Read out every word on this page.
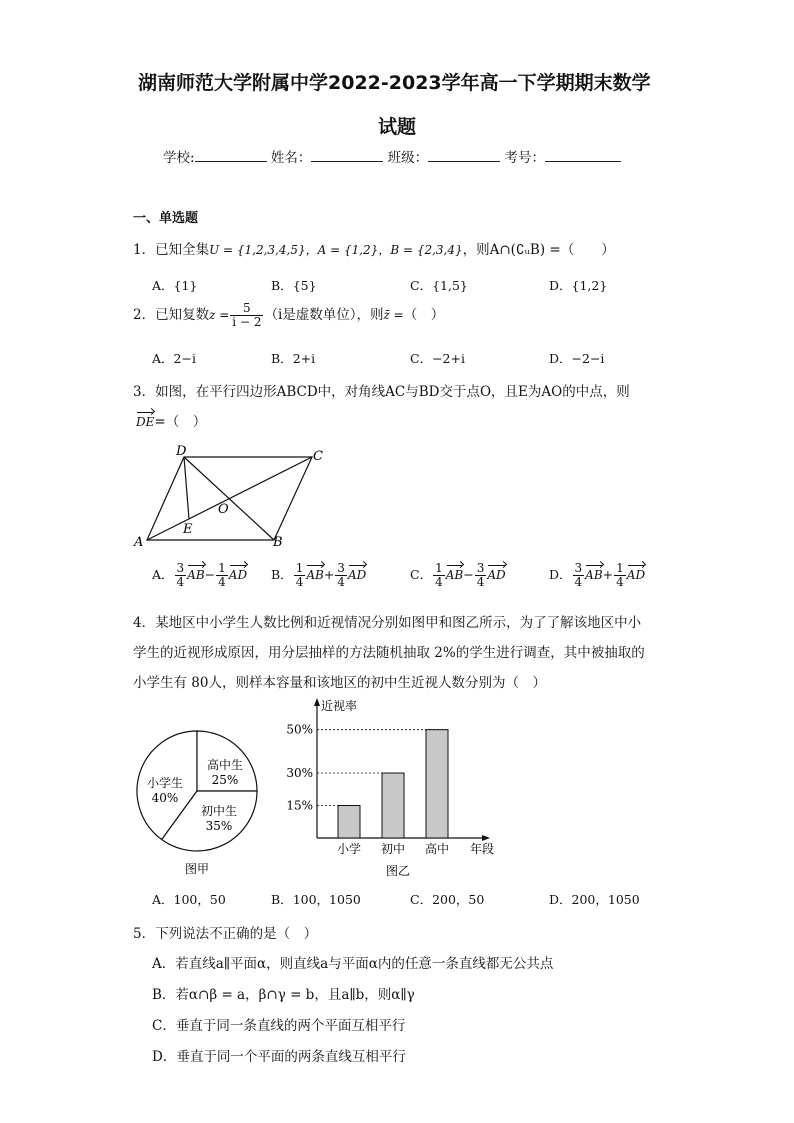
湖南师范大学附属中学2022-2023学年高一下学期期末数学
试题
学校:	姓名：	班级：	考号：
一、单选题
1．已知全集U = {1,2,3,4,5}，A = {1,2}，B = {2,3,4}，则A∩(∁ᵤB) =（　　）
A．{1}	B．{5}	C．{1,5}	D．{1,2}
2．已知复数$z = \frac{5}{i - 2} (i$是虚数单位），则z̄ =（　）
A．2−i	B．2+i	C．−2+i	D．−2−i
3．如图，在平行四边形ABCD中，对角线AC与BD交于点O，且E为AO的中点，则
DE=（　）
A	B
C
D
E
O
A． $\frac{3}{4} AB- \frac{1}{4}$ AD B． $\frac{1}{4} AB+ \frac{3}{4}$ AD	C． $\frac{1}{4} AB- \frac{3}{4}$ AD	D． $\frac{3}{4} AB+ \frac{1}{4}$ AD
4．某地区中小学生人数比例和近视情况分别如图甲和图乙所示，为了了解该地区中小
学生的近视形成原因，用分层抽样的方法随机抽取 2%的学生进行调查，其中被抽取的
小学生有 80人，则样本容量和该地区的初中生近视人数分别为（　）
小学生
40%
高中生
25%
初中生
35%
图甲
15%
小学
30%
初中
50%
高中
近视率
年段
图乙
A．100，50	B．100，1050	C．200，50	D．200，1050
5．下列说法不正确的是（　）
A．若直线a∥平面α，则直线a与平面α内的任意一条直线都无公共点
B．若α∩β = a，β∩γ = b，且a∥b，则α∥γ
C．垂直于同一条直线的两个平面互相平行
D．垂直于同一个平面的两条直线互相平行
